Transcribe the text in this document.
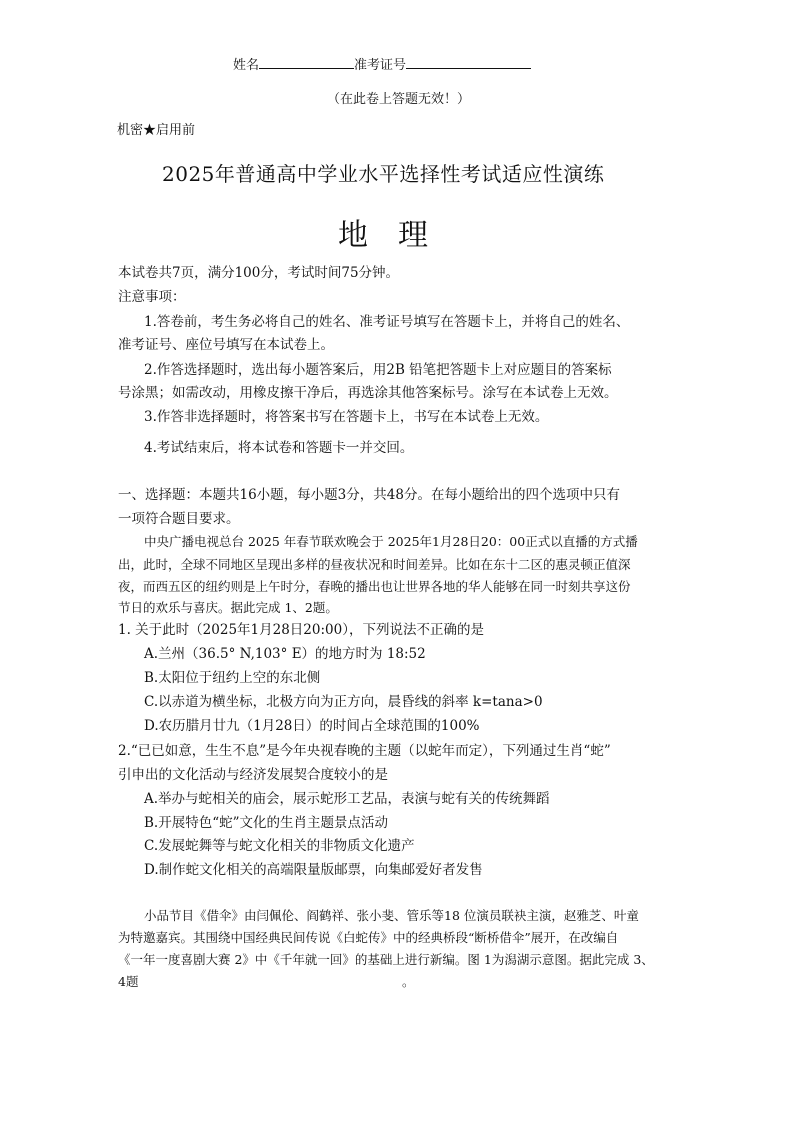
姓名	准考证号
（在此卷上答题无效！）
机密★启用前
2025年普通高中学业水平选择性考试适应性演练
地理
本试卷共7页，满分100分，考试时间75分钟。
注意事项：
1.答卷前，考生务必将自己的姓名、准考证号填写在答题卡上，并将自己的姓名、
准考证号、座位号填写在本试卷上。
2.作答选择题时，选出每小题答案后，用2B 铅笔把答题卡上对应题目的答案标
号涂黑；如需改动，用橡皮擦干净后，再选涂其他答案标号。涂写在本试卷上无效。
3.作答非选择题时，将答案书写在答题卡上，书写在本试卷上无效。
4.考试结束后，将本试卷和答题卡一并交回。
一、选择题：本题共16小题，每小题3分，共48分。在每小题给出的四个选项中只有
一项符合题目要求。
中央广播电视总台 2025 年春节联欢晚会于 2025年1月28日20：00正式以直播的方式播
出，此时，全球不同地区呈现出多样的昼夜状况和时间差异。比如在东十二区的惠灵顿正值深
夜，而西五区的纽约则是上午时分，春晚的播出也让世界各地的华人能够在同一时刻共享这份
节日的欢乐与喜庆。据此完成 1、2题。
1. 关于此时（2025年1月28日20:00），下列说法不正确的是
A.兰州（36.5° N,103° E）的地方时为 18:52
B.太阳位于纽约上空的东北侧
C.以赤道为横坐标，北极方向为正方向，晨昏线的斜率 k=tana>0
D.农历腊月廿九（1月28日）的时间占全球范围的100%
2.“已已如意，生生不息”是今年央视春晚的主题（以蛇年而定），下列通过生肖“蛇”
引申出的文化活动与经济发展契合度较小的是
A.举办与蛇相关的庙会，展示蛇形工艺品，表演与蛇有关的传统舞蹈
B.开展特色“蛇”文化的生肖主题景点活动
C.发展蛇舞等与蛇文化相关的非物质文化遗产
D.制作蛇文化相关的高端限量版邮票，向集邮爱好者发售
小品节目《借伞》由闫佩伦、阎鹤祥、张小斐、管乐等18 位演员联袂主演，赵雅芝、叶童
为特邀嘉宾。其围绕中国经典民间传说《白蛇传》中的经典桥段“断桥借伞”展开，在改编自
《一年一度喜剧大赛 2》中《千年就一回》的基础上进行新编。图 1为潟湖示意图。据此完成 3、
4题	。
